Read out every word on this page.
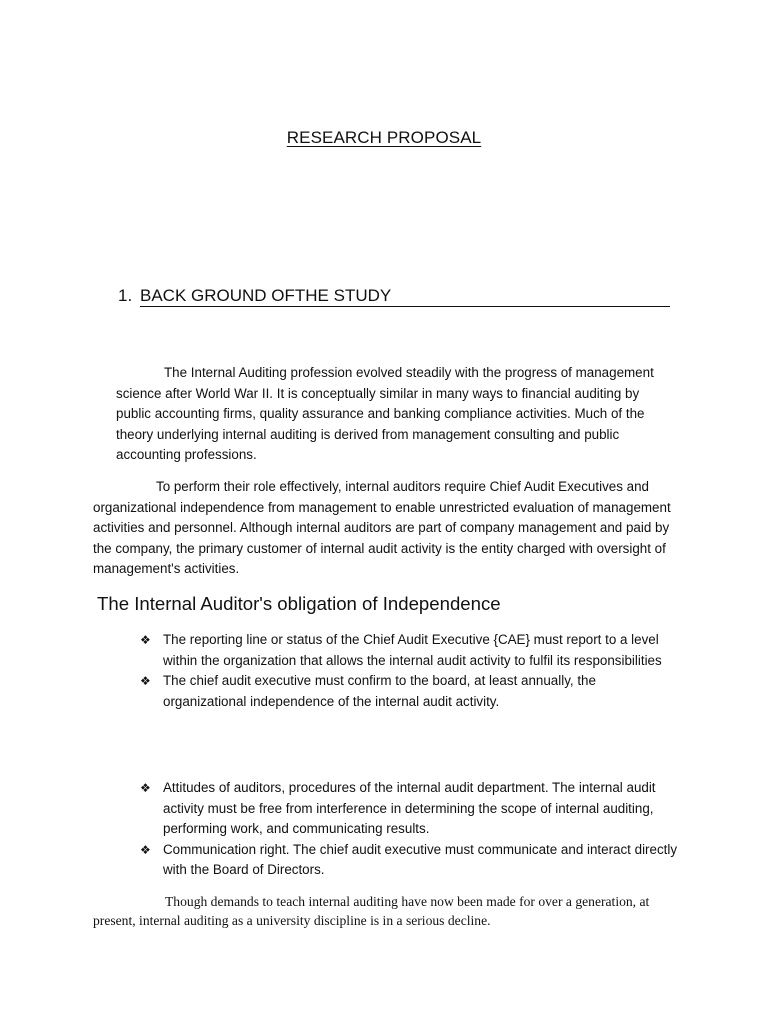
RESEARCH PROPOSAL
1. BACK GROUND OFTHE STUDY

The Internal Auditing profession evolved steadily with the progress of management science after World War II. It is conceptually similar in many ways to financial auditing by public accounting firms, quality assurance and banking compliance activities. Much of the theory underlying internal auditing is derived from management consulting and public accounting professions.

To perform their role effectively, internal auditors require Chief Audit Executives and organizational independence from management to enable unrestricted evaluation of management activities and personnel. Although internal auditors are part of company management and paid by the company, the primary customer of internal audit activity is the entity charged with oversight of management's activities.

The Internal Auditor's obligation of Independence
❖ The reporting line or status of the Chief Audit Executive {CAE} must report to a level within the organization that allows the internal audit activity to fulfil its responsibilities
❖ The chief audit executive must confirm to the board, at least annually, the organizational independence of the internal audit activity.
❖ Attitudes of auditors, procedures of the internal audit department. The internal audit activity must be free from interference in determining the scope of internal auditing, performing work, and communicating results.
❖ Communication right. The chief audit executive must communicate and interact directly with the Board of Directors.

Though demands to teach internal auditing have now been made for over a generation, at present, internal auditing as a university discipline is in a serious decline.
